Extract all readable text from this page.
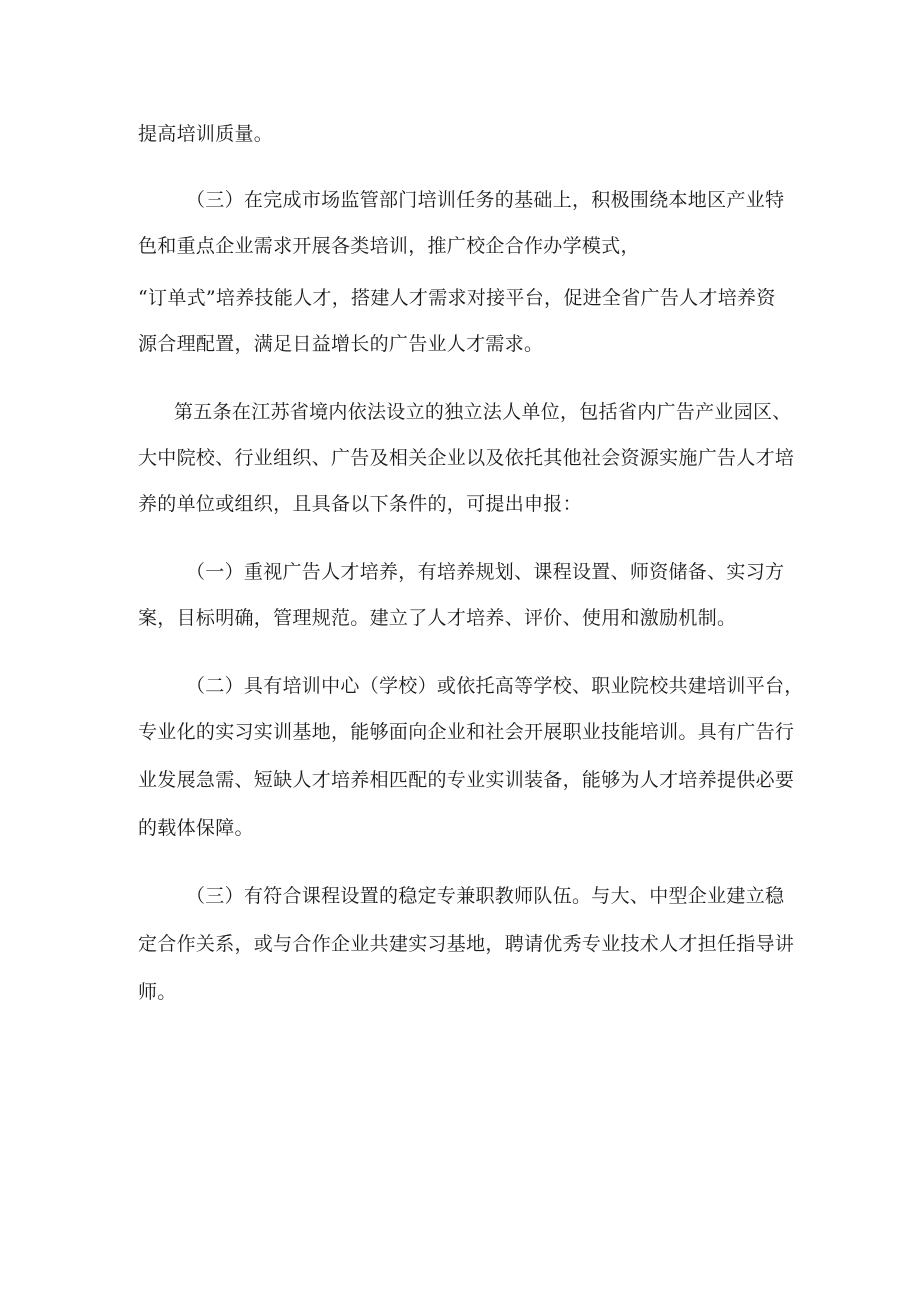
提高培训质量。
（三）在完成市场监管部门培训任务的基础上，积极围绕本地区产业特
色和重点企业需求开展各类培训，推广校企合作办学模式，
“订单式”培养技能人才，搭建人才需求对接平台，促进全省广告人才培养资
源合理配置，满足日益增长的广告业人才需求。
第五条在江苏省境内依法设立的独立法人单位，包括省内广告产业园区、
大中院校、行业组织、广告及相关企业以及依托其他社会资源实施广告人才培
养的单位或组织，且具备以下条件的，可提出申报：
（一）重视广告人才培养，有培养规划、课程设置、师资储备、实习方
案，目标明确，管理规范。建立了人才培养、评价、使用和激励机制。
（二）具有培训中心（学校）或依托高等学校、职业院校共建培训平台，
专业化的实习实训基地，能够面向企业和社会开展职业技能培训。具有广告行
业发展急需、短缺人才培养相匹配的专业实训装备，能够为人才培养提供必要
的载体保障。
（三）有符合课程设置的稳定专兼职教师队伍。与大、中型企业建立稳
定合作关系，或与合作企业共建实习基地，聘请优秀专业技术人才担任指导讲
师。
